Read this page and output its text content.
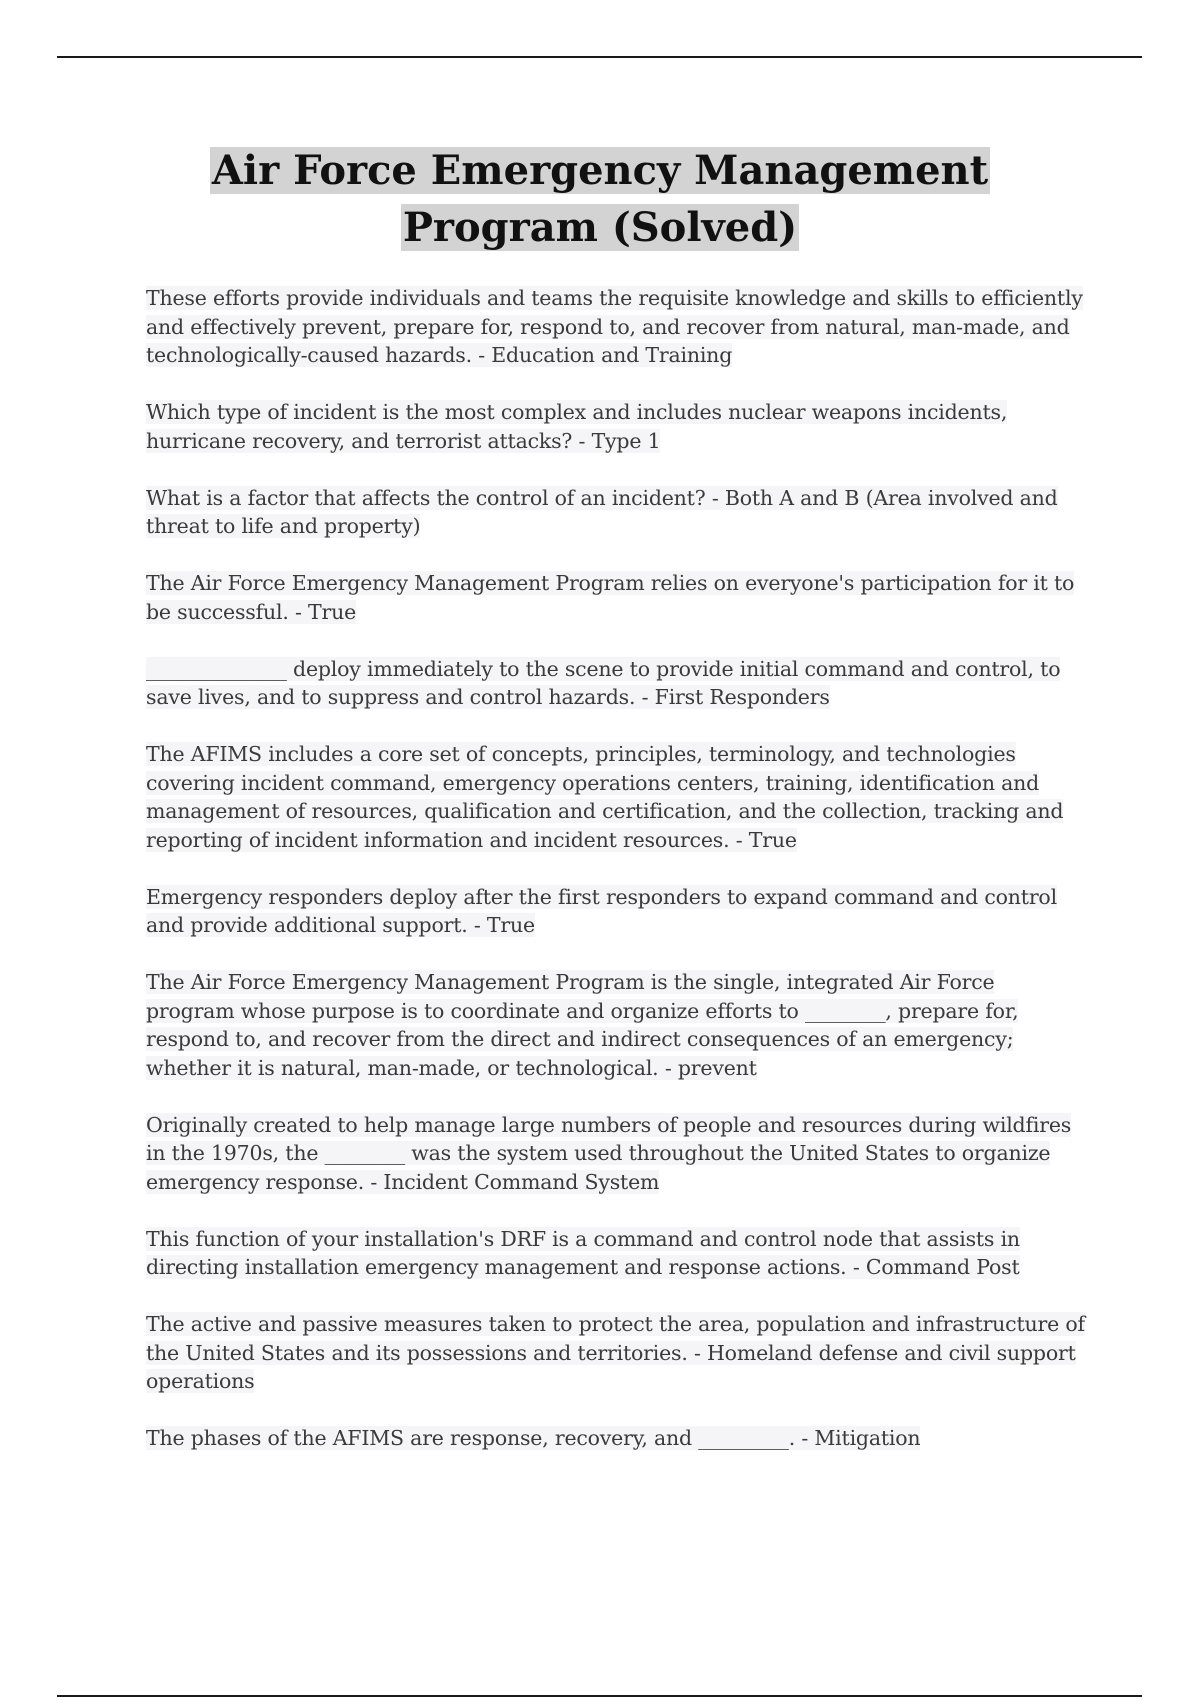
Air Force Emergency Management
Program (Solved)

These efforts provide individuals and teams the requisite knowledge and skills to efficiently and effectively prevent, prepare for, respond to, and recover from natural, man-made, and technologically-caused hazards. - Education and Training

Which type of incident is the most complex and includes nuclear weapons incidents, hurricane recovery, and terrorist attacks? - Type 1

What is a factor that affects the control of an incident? - Both A and B (Area involved and threat to life and property)

The Air Force Emergency Management Program relies on everyone's participation for it to be successful. - True

______________ deploy immediately to the scene to provide initial command and control, to save lives, and to suppress and control hazards. - First Responders

The AFIMS includes a core set of concepts, principles, terminology, and technologies covering incident command, emergency operations centers, training, identification and management of resources, qualification and certification, and the collection, tracking and reporting of incident information and incident resources. - True

Emergency responders deploy after the first responders to expand command and control and provide additional support. - True

The Air Force Emergency Management Program is the single, integrated Air Force program whose purpose is to coordinate and organize efforts to ________, prepare for, respond to, and recover from the direct and indirect consequences of an emergency; whether it is natural, man-made, or technological. - prevent

Originally created to help manage large numbers of people and resources during wildfires in the 1970s, the ________ was the system used throughout the United States to organize emergency response. - Incident Command System

This function of your installation's DRF is a command and control node that assists in directing installation emergency management and response actions. - Command Post

The active and passive measures taken to protect the area, population and infrastructure of the United States and its possessions and territories. - Homeland defense and civil support operations

The phases of the AFIMS are response, recovery, and _________. - Mitigation
